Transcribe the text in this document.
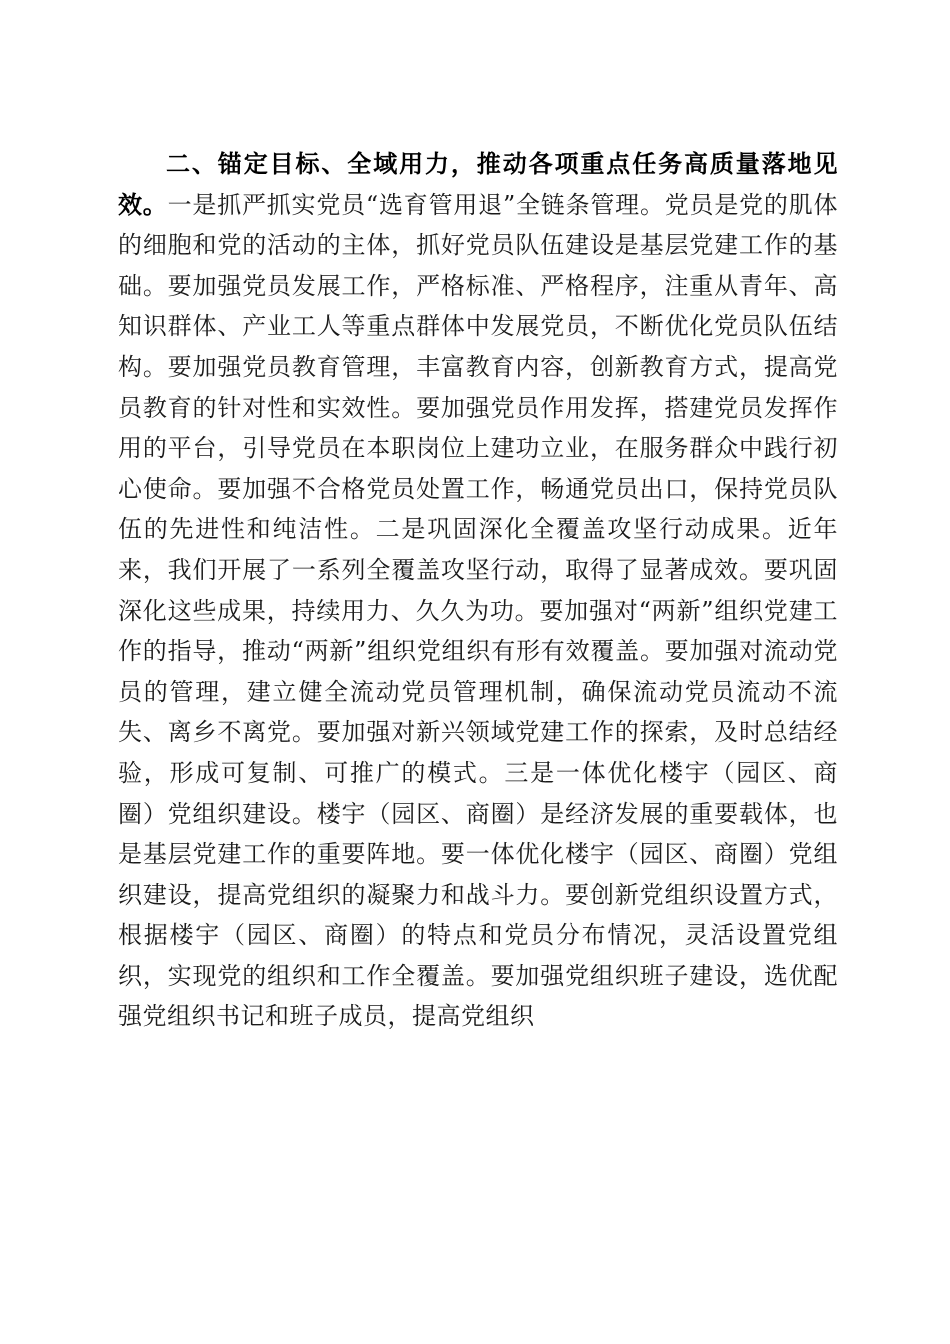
二、锚定目标、全域用力，推动各项重点任务高质量落地见效。一是抓严抓实党员“选育管用退”全链条管理。党员是党的肌体的细胞和党的活动的主体，抓好党员队伍建设是基层党建工作的基础。要加强党员发展工作，严格标准、严格程序，注重从青年、高知识群体、产业工人等重点群体中发展党员，不断优化党员队伍结构。要加强党员教育管理，丰富教育内容，创新教育方式，提高党员教育的针对性和实效性。要加强党员作用发挥，搭建党员发挥作用的平台，引导党员在本职岗位上建功立业，在服务群众中践行初心使命。要加强不合格党员处置工作，畅通党员出口，保持党员队伍的先进性和纯洁性。二是巩固深化全覆盖攻坚行动成果。近年来，我们开展了一系列全覆盖攻坚行动，取得了显著成效。要巩固深化这些成果，持续用力、久久为功。要加强对“两新”组织党建工作的指导，推动“两新”组织党组织有形有效覆盖。要加强对流动党员的管理，建立健全流动党员管理机制，确保流动党员流动不流失、离乡不离党。要加强对新兴领域党建工作的探索，及时总结经验，形成可复制、可推广的模式。三是一体优化楼宇（园区、商圈）党组织建设。楼宇（园区、商圈）是经济发展的重要载体，也是基层党建工作的重要阵地。要一体优化楼宇（园区、商圈）党组织建设，提高党组织的凝聚力和战斗力。要创新党组织设置方式，根据楼宇（园区、商圈）的特点和党员分布情况，灵活设置党组织，实现党的组织和工作全覆盖。要加强党组织班子建设，选优配强党组织书记和班子成员，提高党组织
